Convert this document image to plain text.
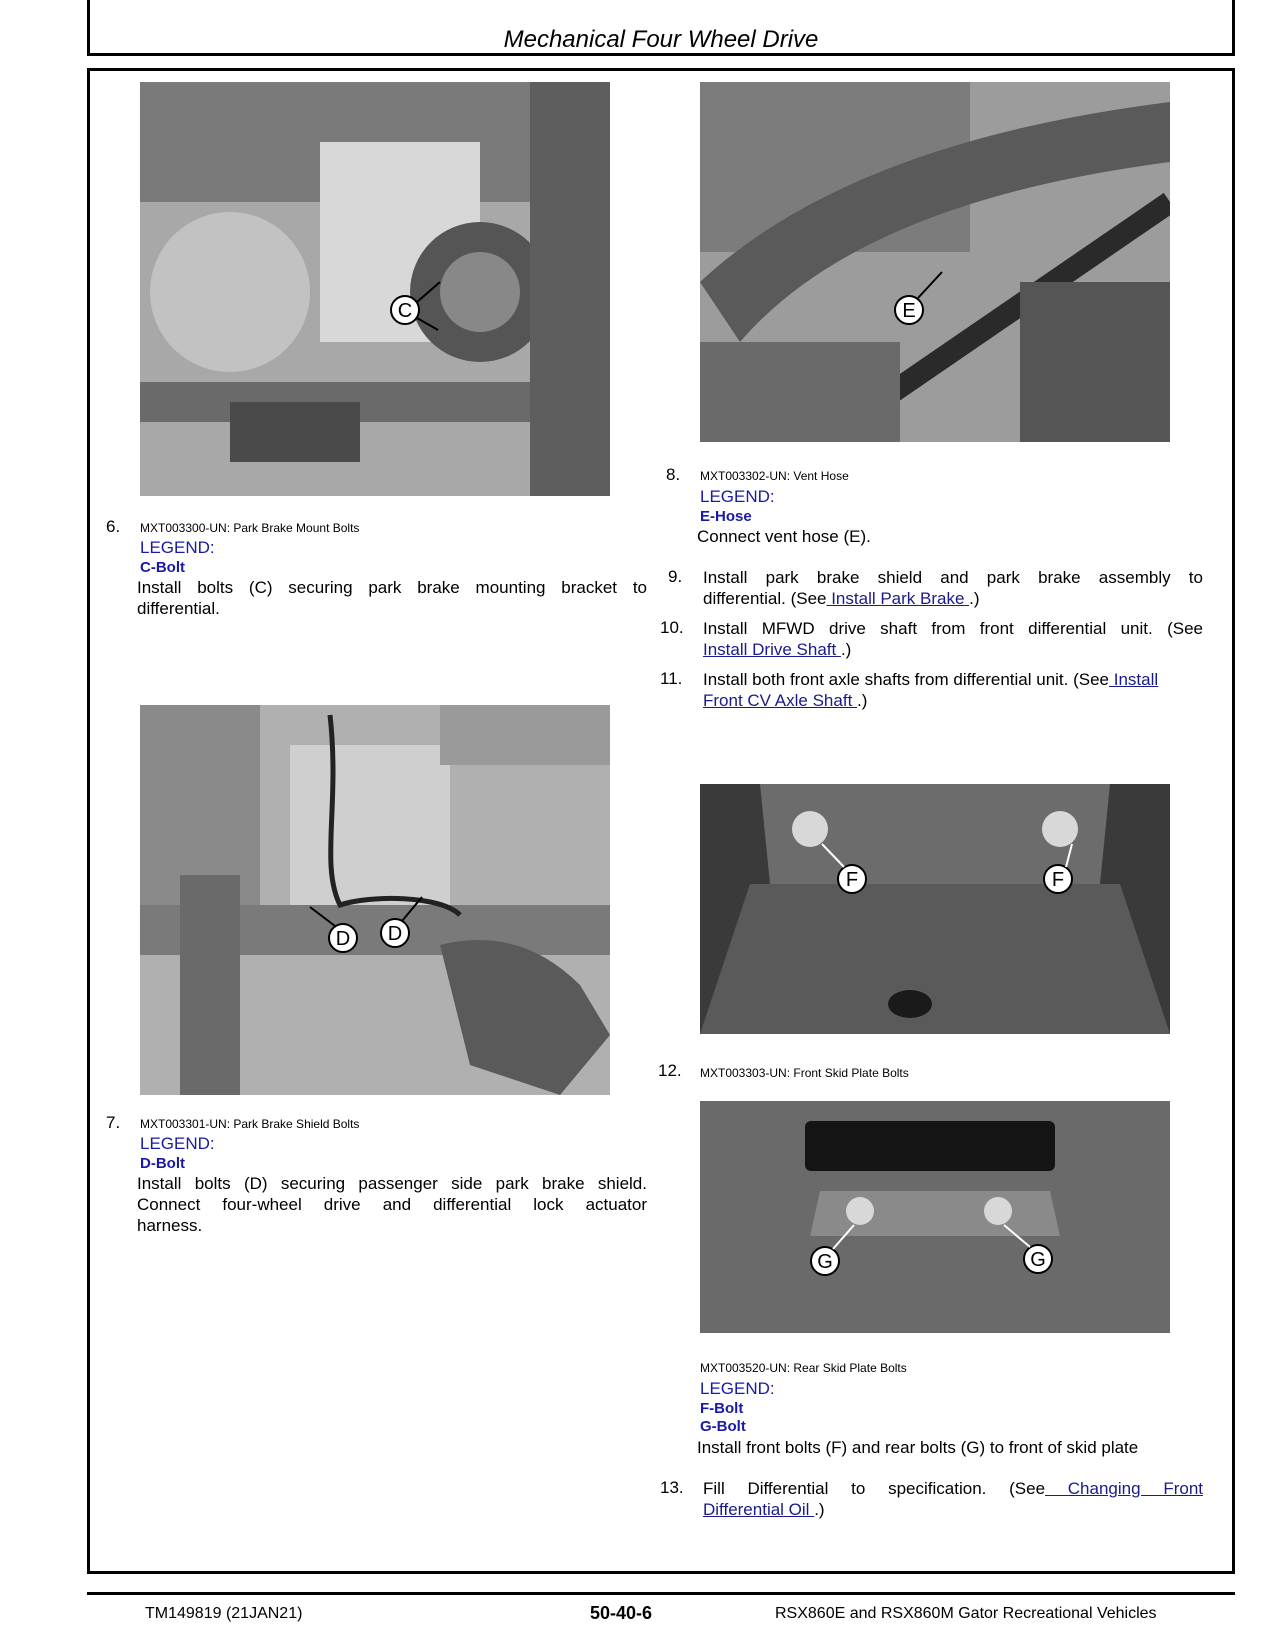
Mechanical Four Wheel Drive
C
6. MXT003300-UN: Park Brake Mount Bolts
LEGEND:
C-Bolt
Install bolts (C) securing park brake mounting bracket to
differential.
D D
7. MXT003301-UN: Park Brake Shield Bolts
LEGEND:
D-Bolt
Install bolts (D) securing passenger side park brake shield.
Connect four-wheel drive and differential lock actuator
harness.
E
8. MXT003302-UN: Vent Hose
LEGEND:
E-Hose
Connect vent hose (E).
9. Install park brake shield and park brake assembly to
differential. (See Install Park Brake .)
10. Install MFWD drive shaft from front differential unit. (See
Install Drive Shaft .)
11. Install both front axle shafts from differential unit. (See Install
Front CV Axle Shaft .)
F	F
12. MXT003303-UN: Front Skid Plate Bolts
G	G
MXT003520-UN: Rear Skid Plate Bolts
LEGEND:
F-Bolt
G-Bolt
Install front bolts (F) and rear bolts (G) to front of skid plate
13. Fill Differential to specification. (See Changing Front
Differential Oil .)
TM149819 (21JAN21)	50-40-6	RSX860E and RSX860M Gator Recreational Vehicles
